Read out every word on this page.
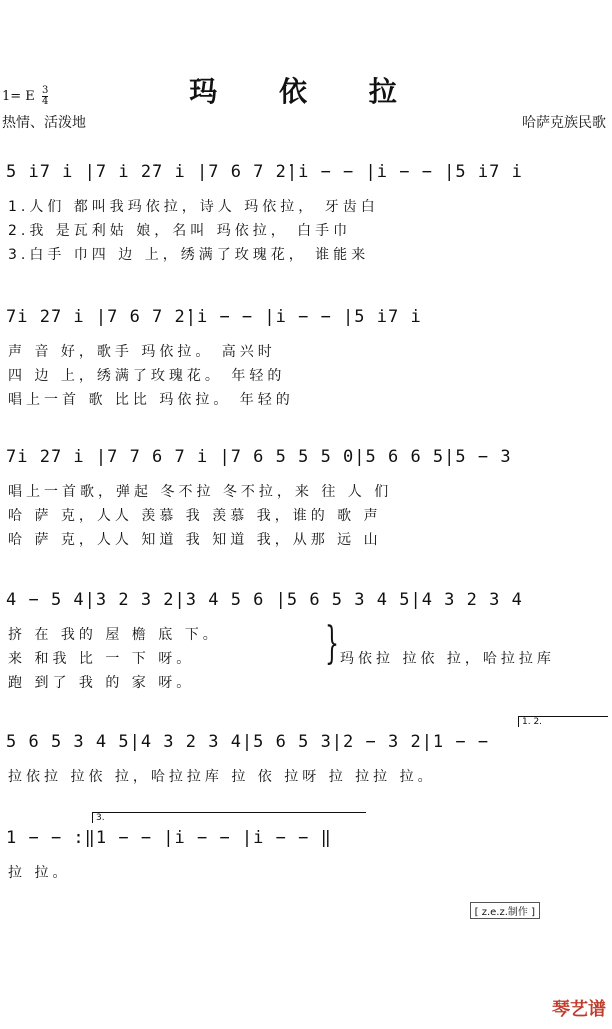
1= E $\frac{3}{4}$	玛 依 拉
热情、活泼地	哈萨克族民歌
5 i̇7 i |7 i̇ 2̇7 i |7 6 7 2̇|i − − |i − − |5 i̇7 i
1.人们 都叫我玛依拉，诗人 玛依拉， 牙齿白
2.我 是瓦利姑 娘，名叫 玛依拉， 白手巾
3.白手 巾四 边 上，绣满了玫瑰花， 谁能来
7i 2̇7 i |7 6 7 2̇|i − − |i − − |5 i̇7 i
声 音 好，歌手 玛依拉。 高兴时
四 边 上，绣满了玫瑰花。 年轻的
唱上一首 歌 比比 玛依拉。 年轻的
7i 2̇7 i |7 7 6 7 i |7 6 5 5 5 0|5 6 6 5|5 − 3
唱上一首歌，弹起 冬不拉 冬不拉，来 往 人 们
哈 萨 克，人人 羡慕 我 羡慕 我，谁的 歌 声
哈 萨 克，人人 知道 我 知道 我，从那 远 山
4 − 5 4|3 2 3 2|3 4 5 6 |5 6 5 3 4 5|4 3 2 3 4
挤 在 我的 屋 檐 底 下。
来 和我 比 一 下 呀。
跑 到了 我 的 家 呀。
} 玛依拉 拉依 拉，哈拉拉库
1. 2.
5 6 5 3 4 5|4 3 2 3 4|5 6 5 3|2 − 3 2|1 − −
拉依拉 拉依 拉，哈拉拉库 拉 依 拉呀 拉 拉拉 拉。
3.
1 − − :‖1 − − |i − − |i − − ‖
拉 拉。
[ z.e.z.制作 ]
琴艺谱
